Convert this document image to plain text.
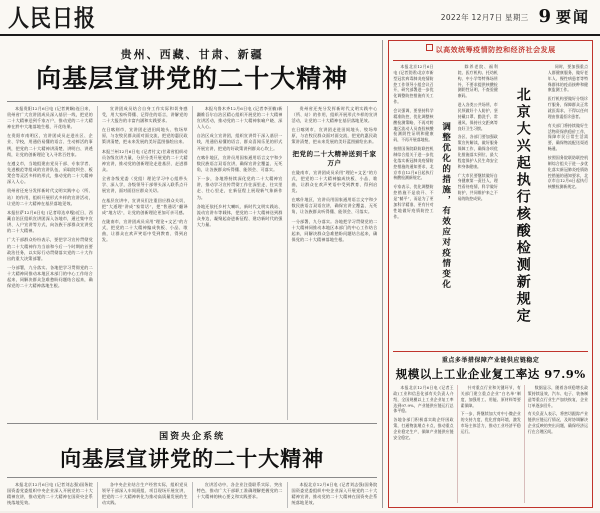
人民日报	2022年 12月7日 星期三 9 要闻
贵州、西藏、甘肃、新疆
向基层宣讲党的二十大精神

本报贵阳12月6日电 (记者黄娴)连日来，贵州省广大宣讲团成员深入基层一线，把党的二十大精神送到千家万户，推动党的二十大精神在黔中大地落地生根、开花结果。

在贵阳市南明区，宣讲团成员走进社区、企业、学校，用通俗易懂的语言、生动鲜活的事例，把党的二十大精神讲清楚、讲明白、讲透彻，让党的创新理论飞入寻常百姓家。

在遵义市，当地组建由党员干部、专家学者、先进模范等组成的宣讲队伍，采取院坝会、板凳会等灵活多样的形式，推动党的二十大精神深入人心。

贵州省还充分发挥新时代文明实践中心（所、站）的作用，组织开展形式多样的宣讲活动，让党的二十大精神在基层落地见效。

本报拉萨12月6日电 (记者琼达卓嘎)近日，西藏自治区组织宣讲团深入各地市，通过集中宣讲、入户宣讲等方式，向各族干部群众宣讲党的二十大精神。

广大干部群众纷纷表示，要把学习宣传贯彻党的二十大精神作为当前和今后一个时期的首要政治任务，以实际行动贯彻落实党的二十大作出的重大决策部署。

一分部署，九分落实。各地把学习贯彻党的二十大精神同推动本地区本部门的中心工作结合起来，同解决群众急难愁盼问题结合起来，确保党的二十大精神落地生根。

宣讲团成员结合自身工作实际和切身感受，用大家听得懂、记得住的语言，讲解党的二十大报告的丰富内涵和实践要求。

在日喀则市，宣讲团走进田间地头、牧场草原，与农牧民群众面对面交流，把党的惠民政策讲清楚，把未来发展的美好蓝图描绘出来。

本报兰州12月6日电 (记者付文)甘肃省组织动员各级宣讲力量，分层分类开展党的二十大精神宣讲，推动党的创新理论走进基层、走进群众。

全省各级党委（党组）理论学习中心组带头学、深入学，各级领导干部带头深入联系点开展宣讲，面对面回应群众关切。

在基层宣讲中，宣讲员们注重回应群众关切，把“大道理”讲成“家常话”，把“普通话”翻译成“地方话”，让党的创新理论更加可亲可感。

在陇南市，宣讲团成员采用“理论+文艺”的方式，把党的二十大精神编成快板、小品、歌曲，让群众在欢声笑语中受到教育、得到启发。

本报乌鲁木齐12月6日电 (记者李亚楠)新疆维吾尔自治区精心组织开展党的二十大精神宣讲活动，推动党的二十大精神家喻户晓、深入人心。

自治区成立宣讲团，组织宣讲骨干深入基层一线，用通俗易懂的语言、群众喜闻乐见的形式开展宣讲，把党的好政策讲到群众心坎上。

在喀什地区，宣讲员用国家通用语言文字和少数民族语言双语宣讲，确保宣讲全覆盖、无死角，让各族群众听得懂、能领会、可落实。

下一步，各地将持续深化党的二十大精神宣讲，推动学习宣传贯彻工作往深里走、往实里走、往心里走，在新征程上展现新气象新作为。

各地还依托乡村大喇叭、新时代文明实践站、流动宣讲车等载体，把党的二十大精神送到群众身边，凝聚起奋进新征程、建功新时代的强大力量。

贵州省还充分发挥新时代文明实践中心（所、站）的作用，组织开展形式多样的宣讲活动，让党的二十大精神在基层落地见效。

在日喀则市，宣讲团走进田间地头、牧场草原，与农牧民群众面对面交流，把党的惠民政策讲清楚，把未来发展的美好蓝图描绘出来。

把党的二十大精神送到千家万户

在陇南市，宣讲团成员采用“理论+文艺”的方式，把党的二十大精神编成快板、小品、歌曲，让群众在欢声笑语中受到教育、得到启发。

在喀什地区，宣讲员用国家通用语言文字和少数民族语言双语宣讲，确保宣讲全覆盖、无死角，让各族群众听得懂、能领会、可落实。

一分部署，九分落实。各地把学习贯彻党的二十大精神同推动本地区本部门的中心工作结合起来，同解决群众急难愁盼问题结合起来，确保党的二十大精神落地生根。

国资央企系统
向基层宣讲党的二十大精神

本报北京12月6日电 (记者刘志强)国务院国资委党委组织中央企业深入开展党的二十大精神宣讲，推动党的二十大精神在国资央企系统落地见效。

各中央企业结合生产经营实际，组织党员领导干部深入车间班组、项目现场开展宣讲，把党的二十大精神转化为推动高质量发展的生动实践。

宣讲活动中，各企业注重联系实际、突出特色，推动广大干部职工准确理解把握党的二十大精神的核心要义和实践要求。

本报北京12月6日电 (记者刘志强)国务院国资委党委组织中央企业深入开展党的二十大精神宣讲，推动党的二十大精神在国资央企系统落地见效。

以高效统筹疫情防控和经济社会发展

本报北京12月6日电 (记者贺勇)北京市新型冠状病毒肺炎疫情防控工作领导小组会议召开，研究部署进一步优化调整防控措施有关工作。

会议强调，要坚持科学精准防控，优化调整核酸检测策略，不再对跨地区流动人员查验核酸检测阴性证明和健康码，不再开展落地检。

按照国务院联防联控机制综合组关于进一步优化落实新冠肺炎疫情防控措施的通知要求，北京市自12月6日起执行核酸检测新规定。

专家表示，优化调整防控措施不是放开、不是“躺平”，而是为了更加科学精准、更有针对性地做好疫情防控工作。	调整优化的措施，有效应对疫情变化

除养老院、福利院、医疗机构、托幼机构、中小学等特殊场所外，不要求提供核酸检测阴性证明，不查验健康码。

进入各类公共场所，市民须做好个人防护，坚持戴口罩、勤洗手、常通风、保持社交距离等良好卫生习惯。

各区、各部门要加强政策宣传解读，做好服务保障工作，确保各项优化措施落实到位，最大程度保护人民生命安全和身体健康。

广大市民要继续做好自身健康第一责任人，理性看待疫情，科学做好防护，共同维护来之不易的防控成果。	北京大兴起执行核酸检测新规定

同时，要加强重点人群健康服务，做好老年人、慢性病患者等特殊群体的疫苗接种和健康监测工作。

医疗机构要做好分级诊疗服务，保障群众正常就医需求，不得以任何理由推诿拒诊患者。

有关部门将持续做好生活物资保供稳价工作，保障市民日常生活需要，确保物流配送渠道畅通。

按照国务院联防联控机制综合组关于进一步优化落实新冠肺炎疫情防控措施的通知要求，北京市自12月6日起执行核酸检测新规定。

重点多举措保障产业链供应链稳定
规模以上工业企业复工率达 97.9%

本报北京12月6日电 (记者王政)工业和信息化部有关负责人介绍，全国规模以上工业企业复工率达到97.9%，产业链供应链运行总体平稳。

各地各部门积极落实助企纾困政策，打通物流堵点卡点，推动重点企业稳定生产，保障产业链供应链安全稳定。

针对重点行业和关键环节，有关部门建立重点企业“白名单”制度，加强用工、用能、原材料等要素保障。

下一步，将继续加大对中小微企业的支持力度，优化营商环境，激发市场主体活力，推动工业经济平稳运行。

数据显示，随着各项稳增长政策持续显效，汽车、电子、装备制造等重点行业生产加快恢复，企业订单逐步回升。

有关负责人表示，将密切跟踪产业链供应链运行情况，及时协调解决企业反映的突出问题，确保经济运行在合理区间。
